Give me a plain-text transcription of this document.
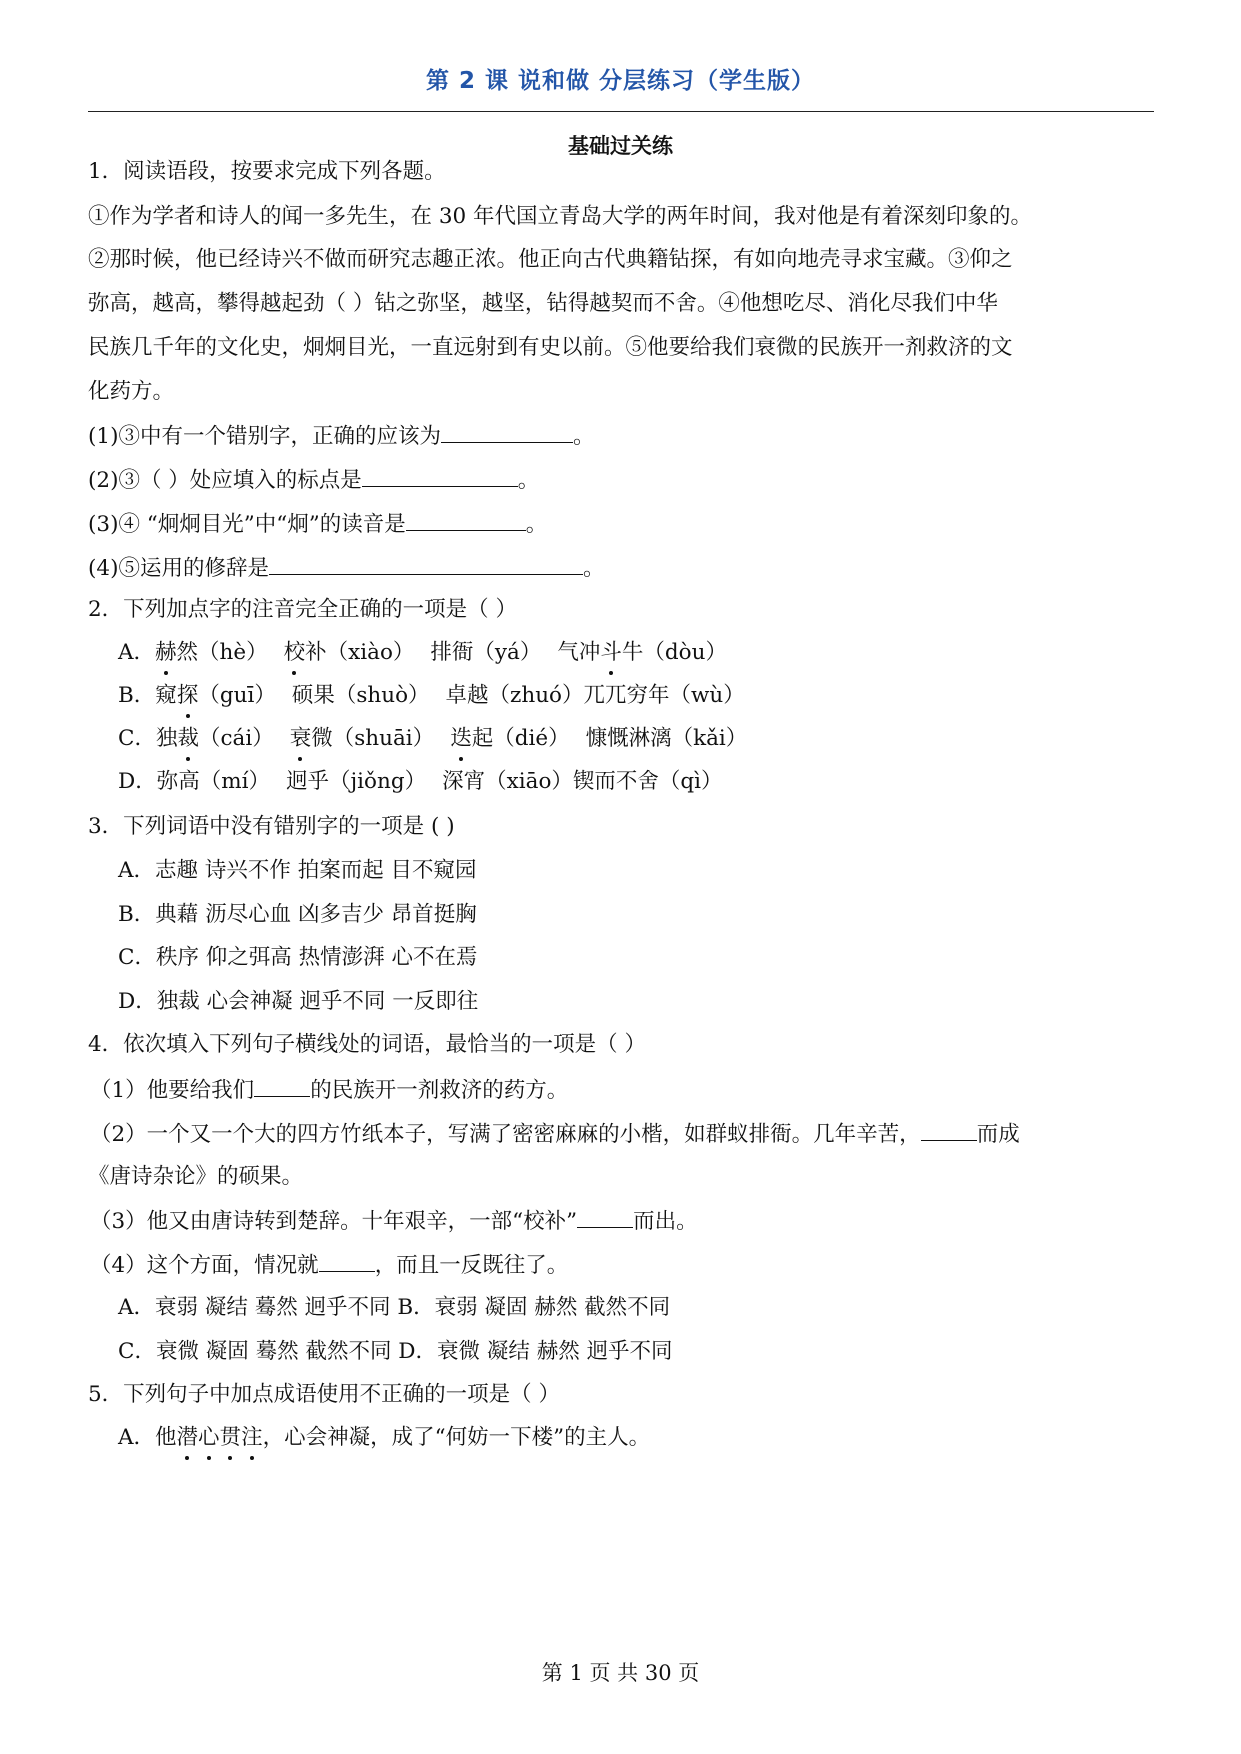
第 2 课 说和做 分层练习（学生版）
基础过关练
1．阅读语段，按要求完成下列各题。
①作为学者和诗人的闻一多先生，在 30 年代国立青岛大学的两年时间，我对他是有着深刻印象的。
②那时候，他已经诗兴不做而研究志趣正浓。他正向古代典籍钻探，有如向地壳寻求宝藏。③仰之
弥高，越高，攀得越起劲（ ）钻之弥坚，越坚，钻得越契而不舍。④他想吃尽、消化尽我们中华
民族几千年的文化史，炯炯目光，一直远射到有史以前。⑤他要给我们衰微的民族开一剂救济的文
化药方。
(1)③中有一个错别字，正确的应该为	。
(2)③（ ）处应填入的标点是	。
(3)④ “炯炯目光”中“炯”的读音是	。
(4)⑤运用的修辞是	。
2．下列加点字的注音完全正确的一项是（ ）
A．赫然（hè） 校补（xiào） 排衙（yá） 气冲斗牛（dòu）
B．窥探（guī） 硕果（shuò） 卓越（zhuó）兀兀穷年（wù）
C．独裁（cái） 衰微（shuāi） 迭起（dié） 慷慨淋漓（kǎi）
D．弥高（mí） 迥乎（jiǒng） 深宵（xiāo）锲而不舍（qì）
3．下列词语中没有错别字的一项是 ( )
A．志趣 诗兴不作 拍案而起 目不窥园
B．典藉 沥尽心血 凶多吉少 昂首挺胸
C．秩序 仰之弭高 热情澎湃 心不在焉
D．独裁 心会神凝 迥乎不同 一反即往
4．依次填入下列句子横线处的词语，最恰当的一项是（ ）
（1）他要给我们	的民族开一剂救济的药方。
（2）一个又一个大的四方竹纸本子，写满了密密麻麻的小楷，如群蚁排衙。几年辛苦，	而成
《唐诗杂论》的硕果。
（3）他又由唐诗转到楚辞。十年艰辛，一部“校补”	而出。
（4）这个方面，情况就	，而且一反既往了。
A．衰弱 凝结 蓦然 迥乎不同 B．衰弱 凝固 赫然 截然不同
C．衰微 凝固 蓦然 截然不同 D．衰微 凝结 赫然 迥乎不同
5．下列句子中加点成语使用不正确的一项是（ ）
A．他潜心贯注，心会神凝，成了“何妨一下楼”的主人。
第 1 页 共 30 页
